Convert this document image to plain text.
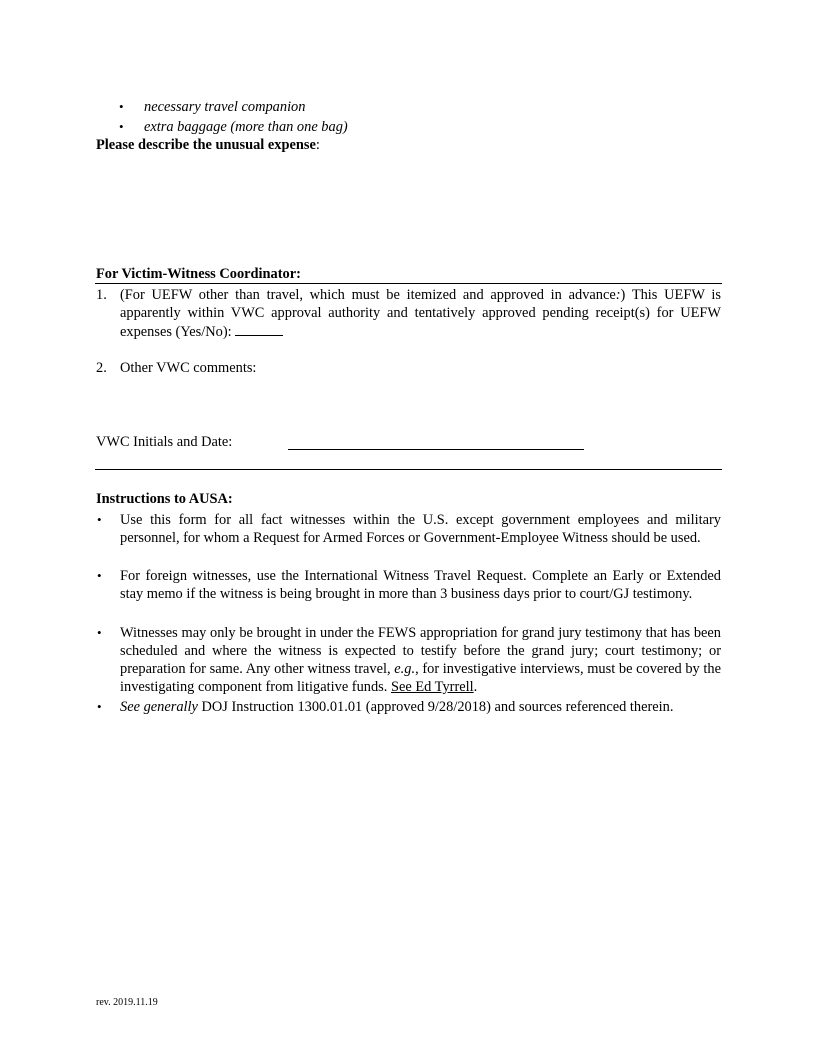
• necessary travel companion
• extra baggage (more than one bag)
Please describe the unusual expense:
For Victim-Witness Coordinator:
1. (For UEFW other than travel, which must be itemized and approved in advance:) This UEFW is apparently within VWC approval authority and tentatively approved pending receipt(s) for UEFW expenses (Yes/No):
2. Other VWC comments:
VWC Initials and Date:
Instructions to AUSA:
• Use this form for all fact witnesses within the U.S. except government employees and military personnel, for whom a Request for Armed Forces or Government-Employee Witness should be used.
• For foreign witnesses, use the International Witness Travel Request. Complete an Early or Extended stay memo if the witness is being brought in more than 3 business days prior to court/GJ testimony.
• Witnesses may only be brought in under the FEWS appropriation for grand jury testimony that has been scheduled and where the witness is expected to testify before the grand jury; court testimony; or preparation for same. Any other witness travel, e.g., for investigative interviews, must be covered by the investigating component from litigative funds. See Ed Tyrrell.
• See generally DOJ Instruction 1300.01.01 (approved 9/28/2018) and sources referenced therein.
rev. 2019.11.19
